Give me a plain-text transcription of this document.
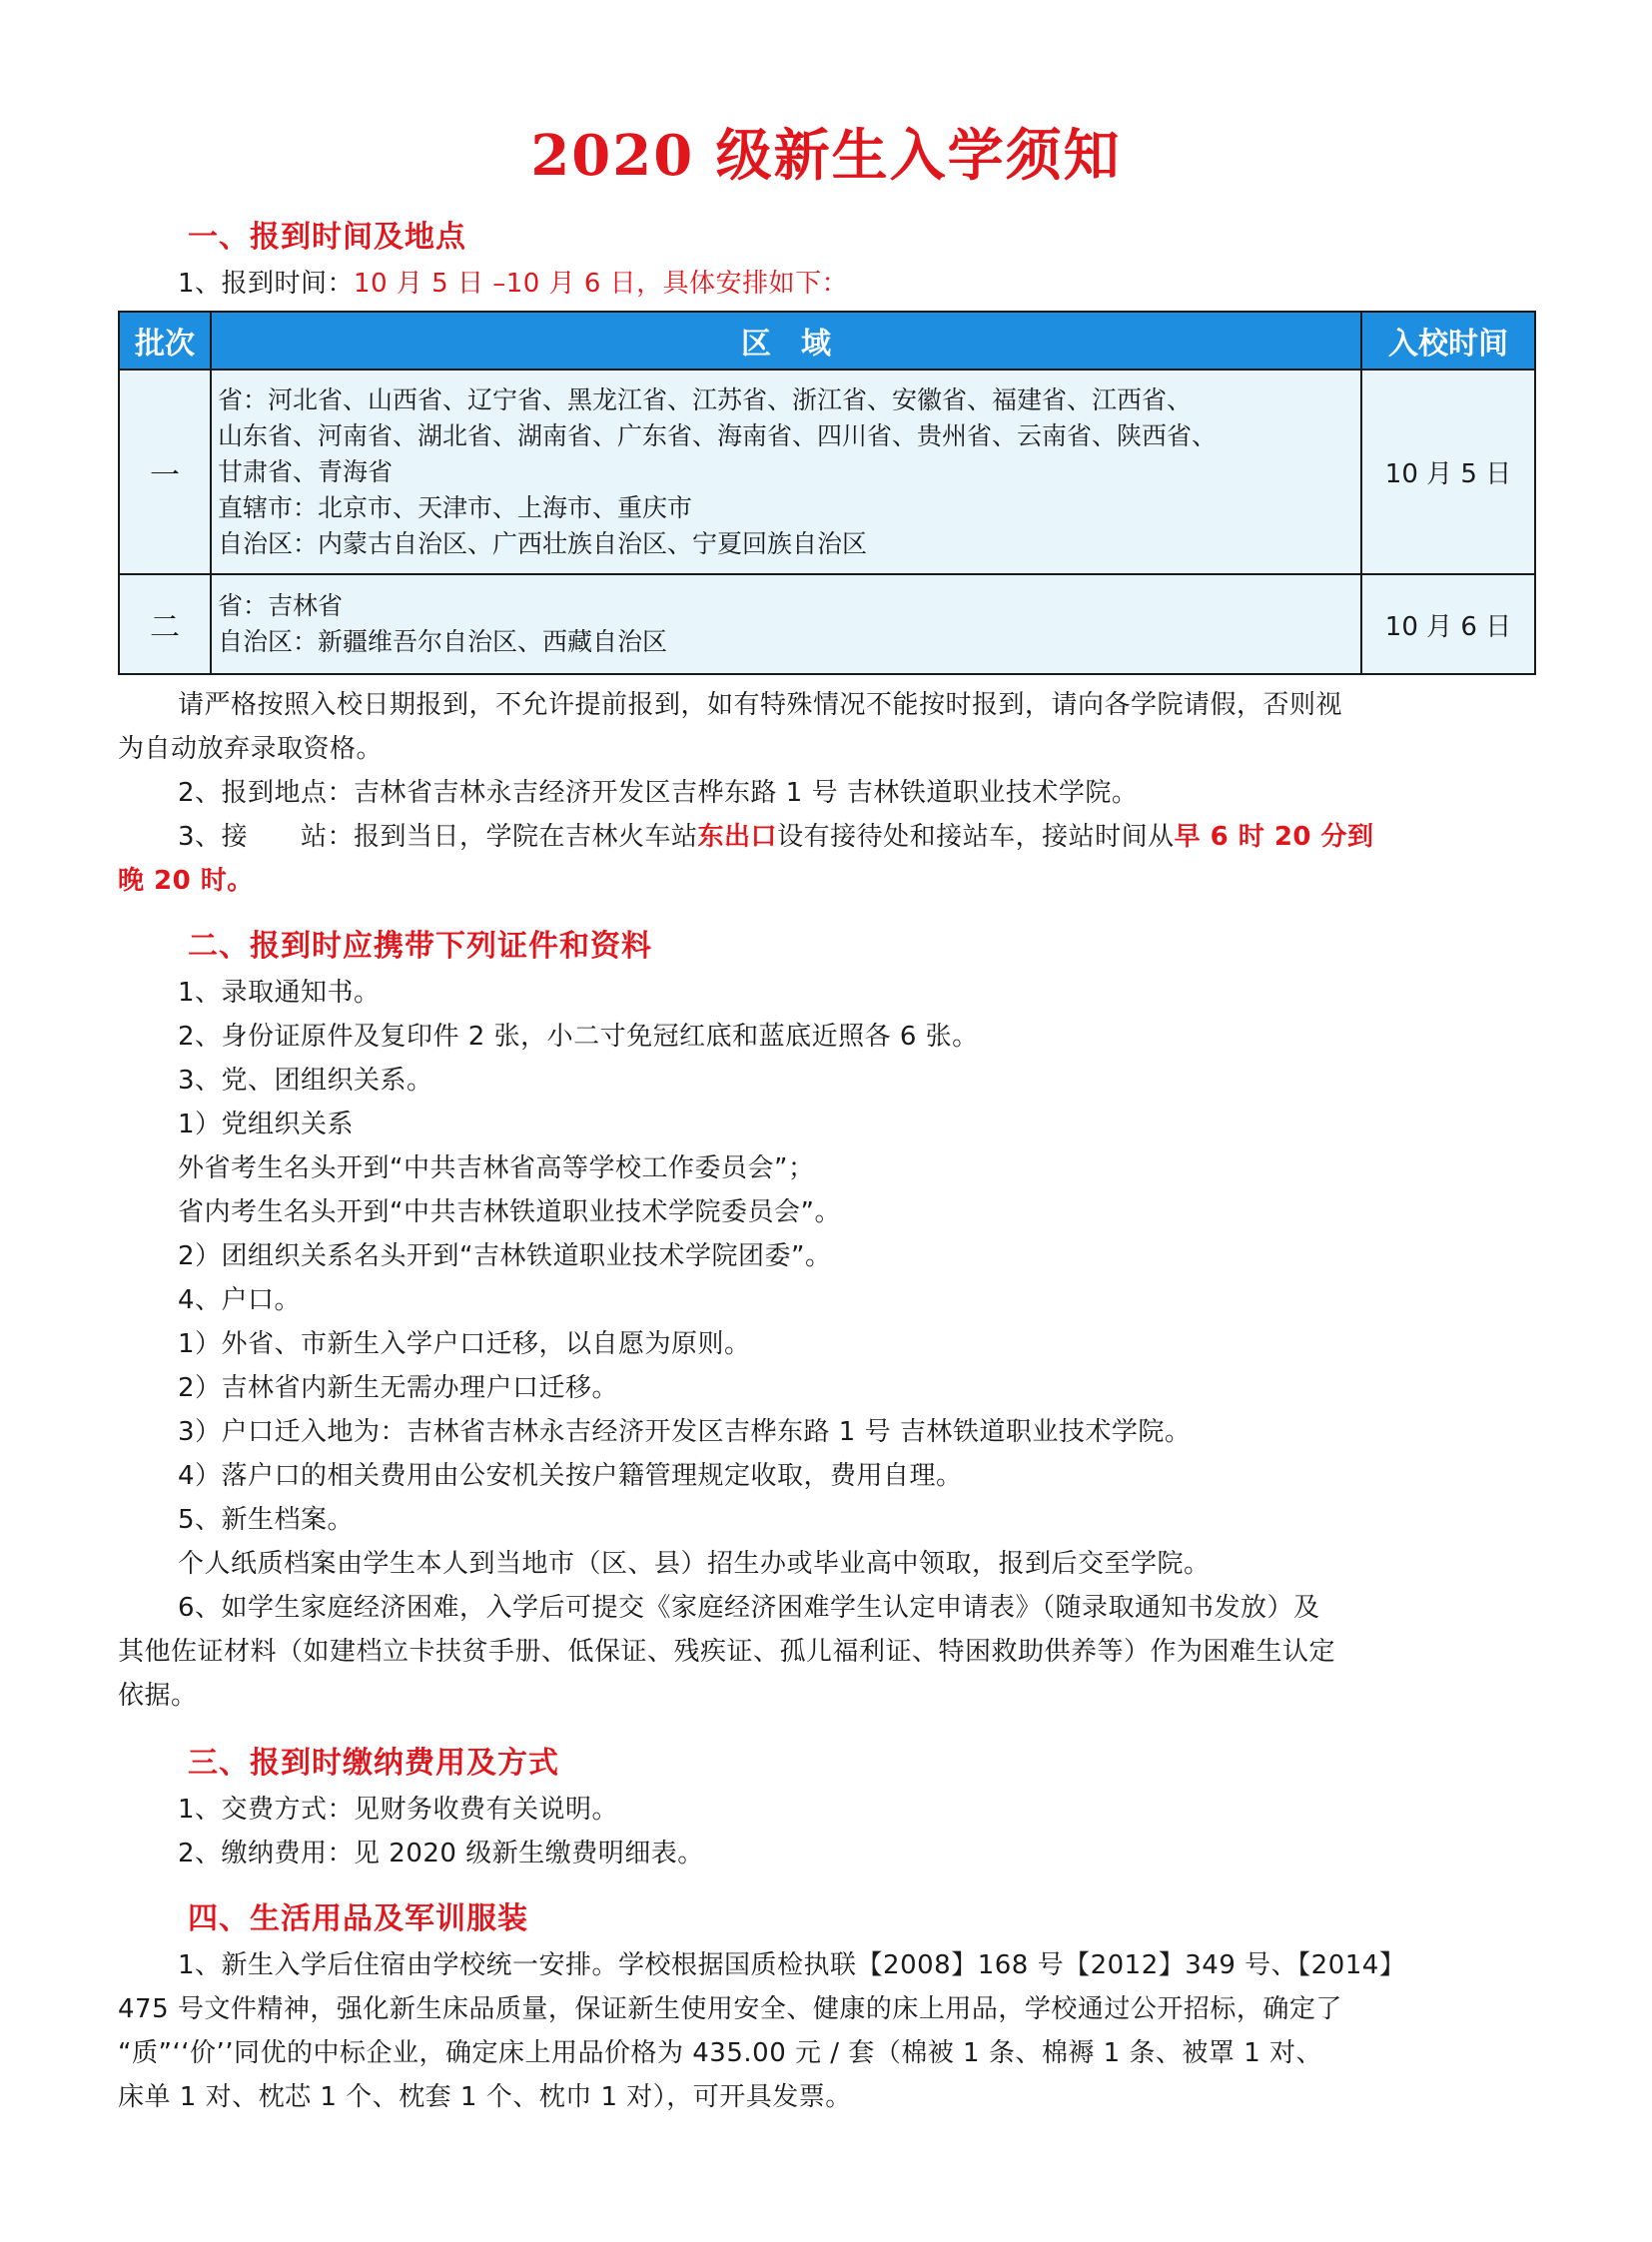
2020 级新生入学须知
一、报到时间及地点
1、报到时间：10 月 5 日 –10 月 6 日，具体安排如下：
批次	区　域	入校时间
一	省：河北省、山西省、辽宁省、黑龙江省、江苏省、浙江省、安徽省、福建省、江西省、
山东省、河南省、湖北省、湖南省、广东省、海南省、四川省、贵州省、云南省、陕西省、
甘肃省、青海省
直辖市：北京市、天津市、上海市、重庆市
自治区：内蒙古自治区、广西壮族自治区、宁夏回族自治区	10 月 5 日
二	省：吉林省
自治区：新疆维吾尔自治区、西藏自治区	10 月 6 日
请严格按照入校日期报到，不允许提前报到，如有特殊情况不能按时报到，请向各学院请假，否则视
为自动放弃录取资格。
2、报到地点：吉林省吉林永吉经济开发区吉桦东路 1 号 吉林铁道职业技术学院。
3、接　　站：报到当日，学院在吉林火车站东出口设有接待处和接站车，接站时间从早 6 时 20 分到
晚 20 时。
二、报到时应携带下列证件和资料
1、录取通知书。
2、身份证原件及复印件 2 张，小二寸免冠红底和蓝底近照各 6 张。
3、党、团组织关系。
1）党组织关系
外省考生名头开到“中共吉林省高等学校工作委员会”；
省内考生名头开到“中共吉林铁道职业技术学院委员会”。
2）团组织关系名头开到“吉林铁道职业技术学院团委”。
4、户口。
1）外省、市新生入学户口迁移，以自愿为原则。
2）吉林省内新生无需办理户口迁移。
3）户口迁入地为：吉林省吉林永吉经济开发区吉桦东路 1 号 吉林铁道职业技术学院。
4）落户口的相关费用由公安机关按户籍管理规定收取，费用自理。
5、新生档案。
个人纸质档案由学生本人到当地市（区、县）招生办或毕业高中领取，报到后交至学院。
6、如学生家庭经济困难，入学后可提交《家庭经济困难学生认定申请表》（随录取通知书发放）及
其他佐证材料（如建档立卡扶贫手册、低保证、残疾证、孤儿福利证、特困救助供养等）作为困难生认定
依据。
三、报到时缴纳费用及方式
1、交费方式：见财务收费有关说明。
2、缴纳费用：见 2020 级新生缴费明细表。
四、生活用品及军训服装
1、新生入学后住宿由学校统一安排。学校根据国质检执联【2008】168 号【2012】349 号、【2014】
475 号文件精神，强化新生床品质量，保证新生使用安全、健康的床上用品，学校通过公开招标，确定了
“质”‘‘价’’同优的中标企业，确定床上用品价格为 435.00 元 / 套（棉被 1 条、棉褥 1 条、被罩 1 对、
床单 1 对、枕芯 1 个、枕套 1 个、枕巾 1 对），可开具发票。
